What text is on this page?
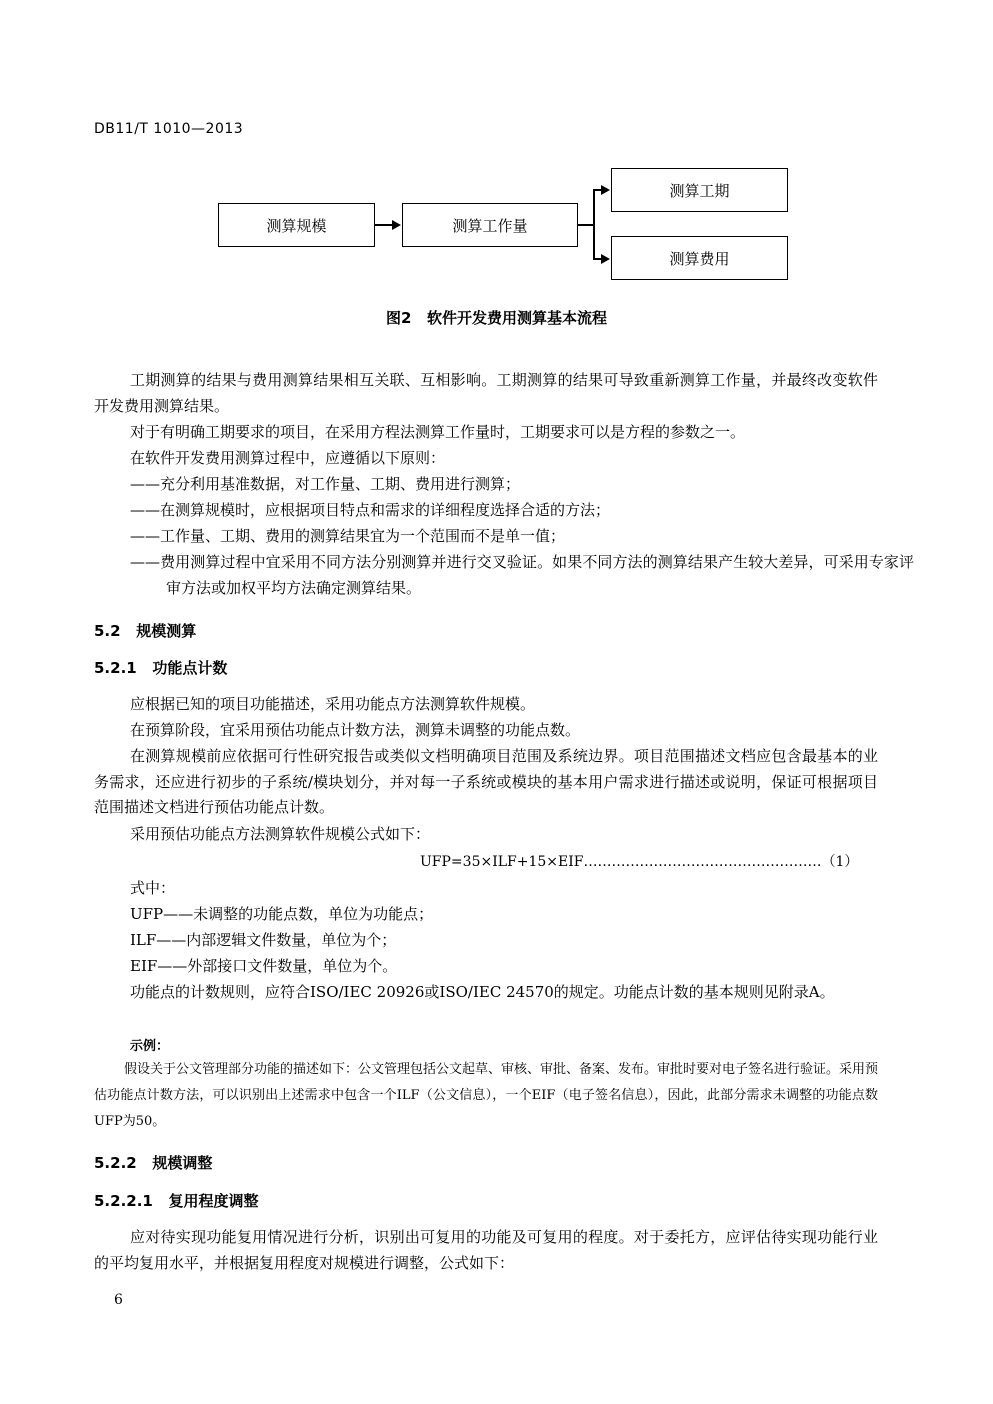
DB11/T 1010—2013
测算规模	测算工作量
测算工期
测算费用
图2   软件开发费用测算基本流程
工期测算的结果与费用测算结果相互关联、互相影响。工期测算的结果可导致重新测算工作量，并最终改变软件开发费用测算结果。
对于有明确工期要求的项目，在采用方程法测算工作量时，工期要求可以是方程的参数之一。
在软件开发费用测算过程中，应遵循以下原则：
——充分利用基准数据，对工作量、工期、费用进行测算；
——在测算规模时，应根据项目特点和需求的详细程度选择合适的方法；
——工作量、工期、费用的测算结果宜为一个范围而不是单一值；
——费用测算过程中宜采用不同方法分别测算并进行交叉验证。如果不同方法的测算结果产生较大差异，可采用专家评审方法或加权平均方法确定测算结果。
5.2   规模测算
5.2.1   功能点计数
应根据已知的项目功能描述，采用功能点方法测算软件规模。
在预算阶段，宜采用预估功能点计数方法，测算未调整的功能点数。
在测算规模前应依据可行性研究报告或类似文档明确项目范围及系统边界。项目范围描述文档应包含最基本的业务需求，还应进行初步的子系统/模块划分，并对每一子系统或模块的基本用户需求进行描述或说明，保证可根据项目范围描述文档进行预估功能点计数。
采用预估功能点方法测算软件规模公式如下：
UFP=35×ILF+15×EIF……………………………………………（1）
式中：
UFP——未调整的功能点数，单位为功能点；
ILF——内部逻辑文件数量，单位为个；
EIF——外部接口文件数量，单位为个。
功能点的计数规则，应符合ISO/IEC 20926或ISO/IEC 24570的规定。功能点计数的基本规则见附录A。
示例：
假设关于公文管理部分功能的描述如下：公文管理包括公文起草、审核、审批、备案、发布。审批时要对电子签名进行验证。采用预估功能点计数方法，可以识别出上述需求中包含一个ILF（公文信息），一个EIF（电子签名信息），因此，此部分需求未调整的功能点数UFP为50。
5.2.2   规模调整
5.2.2.1   复用程度调整
应对待实现功能复用情况进行分析，识别出可复用的功能及可复用的程度。对于委托方，应评估待实现功能行业的平均复用水平，并根据复用程度对规模进行调整，公式如下：
6
